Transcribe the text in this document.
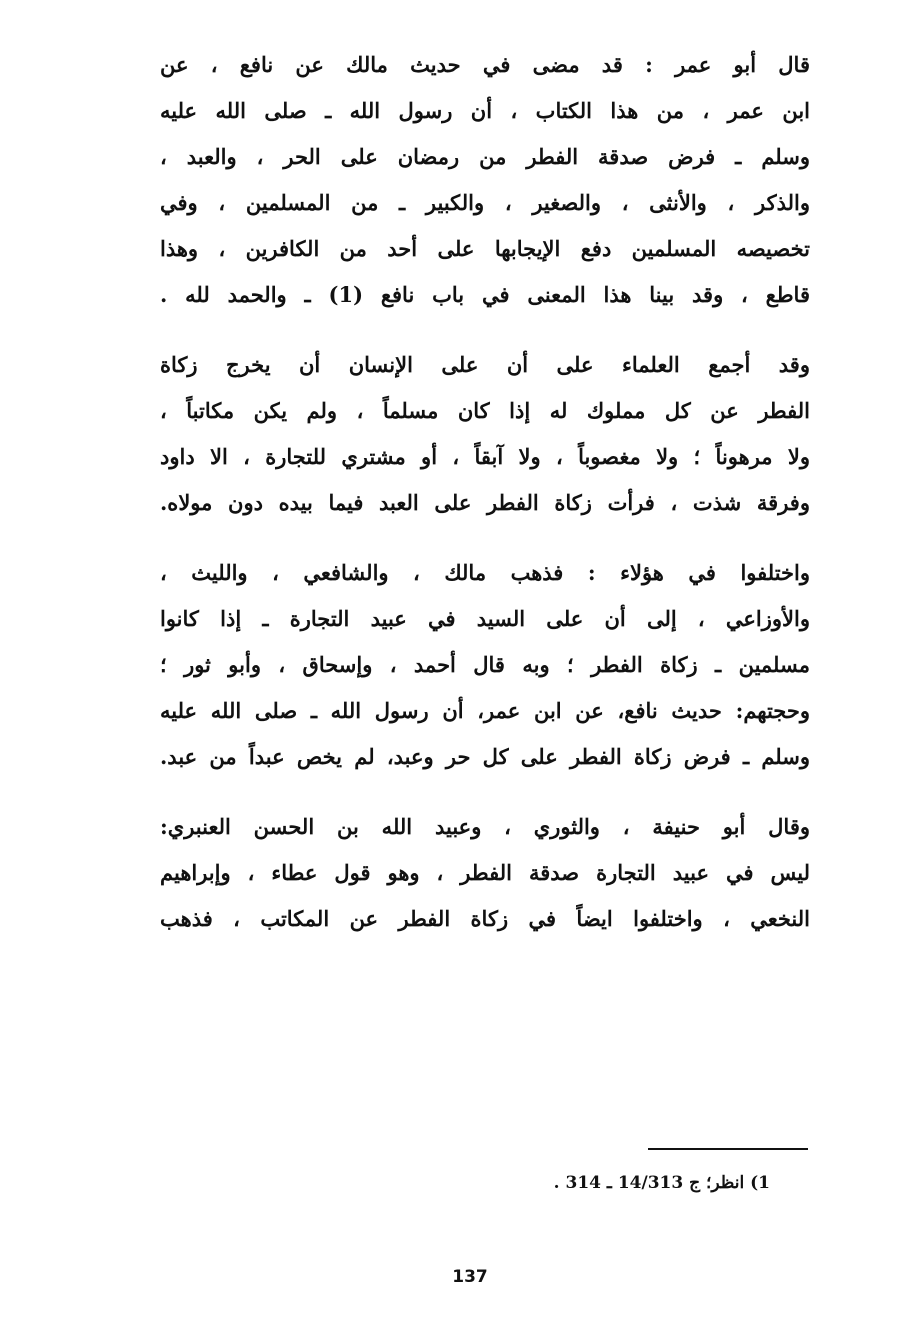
قال أبو عمر : قد مضى في حديث مالك عن نافع ، عن
ابن عمر ، من هذا الكتاب ، أن رسول الله ـ صلى الله عليه
وسلم ـ فرض صدقة الفطر من رمضان على الحر ، والعبد ،
والذكر ، والأنثى ، والصغير ، والكبير ـ من المسلمين ، وفي
تخصيصه المسلمين دفع الإيجابها على أحد من الكافرين ، وهذا
قاطع ، وقد بينا هذا المعنى في باب نافع (1) ـ والحمد لله .
وقد أجمع العلماء على أن على الإنسان أن يخرج زكاة
الفطر عن كل مملوك له إذا كان مسلماً ، ولم يكن مكاتباً ،
ولا مرهوناً ؛ ولا مغصوباً ، ولا آبقاً ، أو مشتري للتجارة ، الا داود
وفرقة شذت ، فرأت زكاة الفطر على العبد فيما بيده دون مولاه.
واختلفوا في هؤلاء : فذهب مالك ، والشافعي ، والليث ،
والأوزاعي ، إلى أن على السيد في عبيد التجارة ـ إذا كانوا
مسلمين ـ زكاة الفطر ؛ وبه قال أحمد ، وإسحاق ، وأبو ثور ؛
وحجتهم: حديث نافع، عن ابن عمر، أن رسول الله ـ صلى الله عليه
وسلم ـ فرض زكاة الفطر على كل حر وعبد، لم يخص عبداً من عبد.
وقال أبو حنيفة ، والثوري ، وعبيد الله بن الحسن العنبري:
ليس في عبيد التجارة صدقة الفطر ، وهو قول عطاء ، وإبراهيم
النخعي ، واختلفوا ايضاً في زكاة الفطر عن المكاتب ، فذهب
1) انظر؛ ج 14/313 ـ 314 .
137
